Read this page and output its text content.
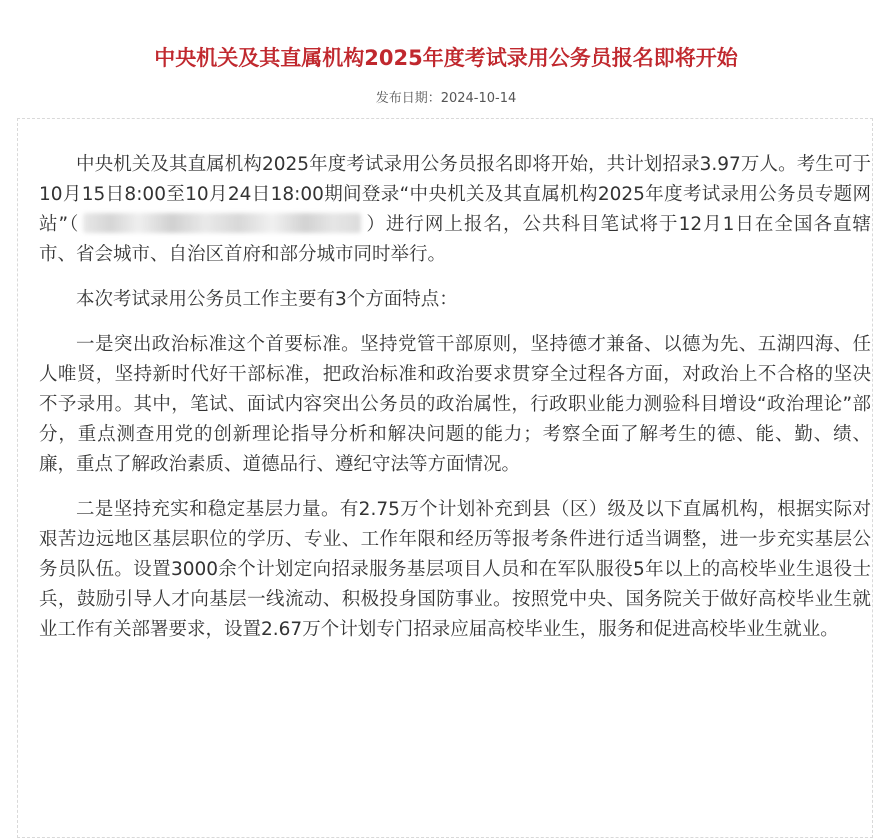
中央机关及其直属机构2025年度考试录用公务员报名即将开始
发布日期：2024-10-14

中央机关及其直属机构2025年度考试录用公务员报名即将开始，共计划招录3.97万人。考生可于10月15日8:00至10月24日18:00期间登录“中央机关及其直属机构2025年度考试录用公务员专题网站”（	）进行网上报名，公共科目笔试将于12月1日在全国各直辖市、省会城市、自治区首府和部分城市同时举行。

本次考试录用公务员工作主要有3个方面特点：

一是突出政治标准这个首要标准。坚持党管干部原则，坚持德才兼备、以德为先、五湖四海、任人唯贤，坚持新时代好干部标准，把政治标准和政治要求贯穿全过程各方面，对政治上不合格的坚决不予录用。其中，笔试、面试内容突出公务员的政治属性，行政职业能力测验科目增设“政治理论”部分，重点测查用党的创新理论指导分析和解决问题的能力；考察全面了解考生的德、能、勤、绩、廉，重点了解政治素质、道德品行、遵纪守法等方面情况。

二是坚持充实和稳定基层力量。有2.75万个计划补充到县（区）级及以下直属机构，根据实际对艰苦边远地区基层职位的学历、专业、工作年限和经历等报考条件进行适当调整，进一步充实基层公务员队伍。设置3000余个计划定向招录服务基层项目人员和在军队服役5年以上的高校毕业生退役士兵，鼓励引导人才向基层一线流动、积极投身国防事业。按照党中央、国务院关于做好高校毕业生就业工作有关部署要求，设置2.67万个计划专门招录应届高校毕业生，服务和促进高校毕业生就业。
